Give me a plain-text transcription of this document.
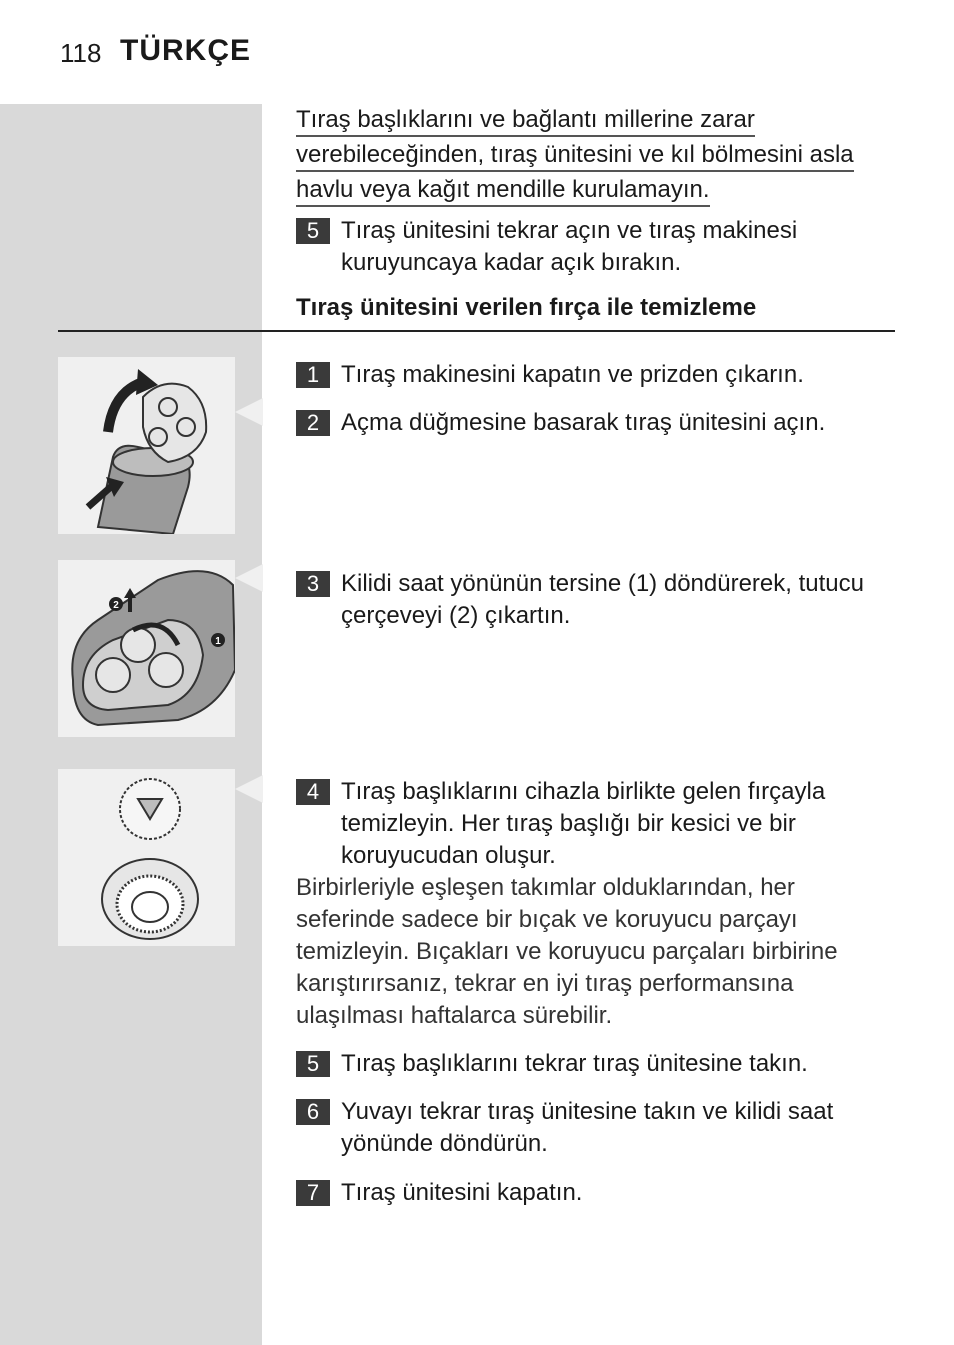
118 TÜRKÇE
Tıraş başlıklarını ve bağlantı millerine zarar
verebileceğinden, tıraş ünitesini ve kıl bölmesini asla
havlu veya kağıt mendille kurulamayın.
5 Tıraş ünitesini tekrar açın ve tıraş makinesi kuruyuncaya kadar açık bırakın.
Tıraş ünitesini verilen fırça ile temizleme
2
1
1 Tıraş makinesini kapatın ve prizden çıkarın.
2 Açma düğmesine basarak tıraş ünitesini açın.
3 Kilidi saat yönünün tersine (1) döndürerek, tutucu çerçeveyi (2) çıkartın.
4 Tıraş başlıklarını cihazla birlikte gelen fırçayla temizleyin. Her tıraş başlığı bir kesici ve bir koruyucudan oluşur.
Birbirleriyle eşleşen takımlar olduklarından, her seferinde sadece bir bıçak ve koruyucu parçayı temizleyin. Bıçakları ve koruyucu parçaları birbirine karıştırırsanız, tekrar en iyi tıraş performansına ulaşılması haftalarca sürebilir.
5 Tıraş başlıklarını tekrar tıraş ünitesine takın.
6 Yuvayı tekrar tıraş ünitesine takın ve kilidi saat yönünde döndürün.
7 Tıraş ünitesini kapatın.
